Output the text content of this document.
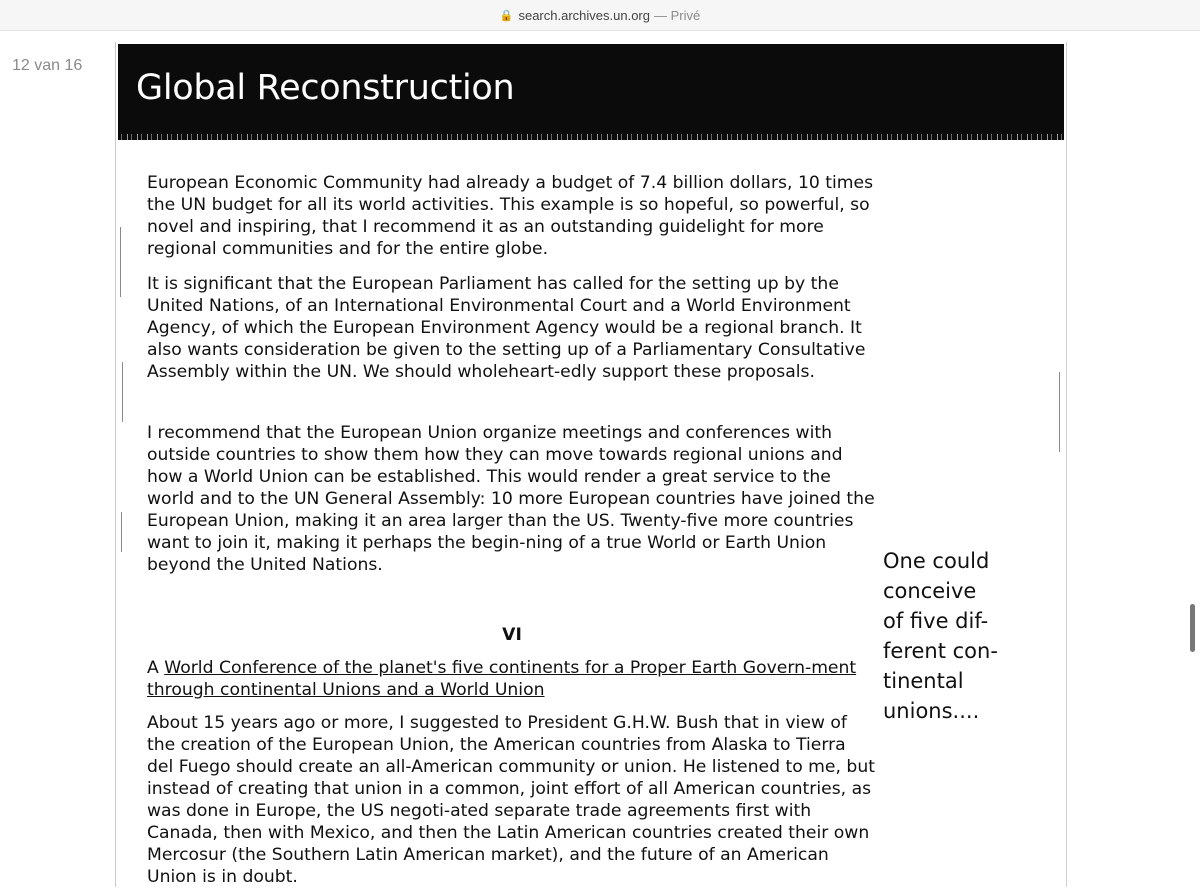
🔒 search.archives.un.org — Privé
12 van 16
Global Reconstruction

European Economic Community had already a budget of 7.4 billion dollars, 10 times the UN budget for all its world activities. This example is so hopeful, so powerful, so novel and inspiring, that I recommend it as an outstanding guidelight for more regional communities and for the entire globe.

It is significant that the European Parliament has called for the setting up by the United Nations, of an International Environmental Court and a World Environment Agency, of which the European Environment Agency would be a regional branch. It also wants consideration be given to the setting up of a Parliamentary Consultative Assembly within the UN. We should wholeheart-edly support these proposals.

I recommend that the European Union organize meetings and conferences with outside countries to show them how they can move towards regional unions and how a World Union can be established. This would render a great service to the world and to the UN General Assembly: 10 more European countries have joined the European Union, making it an area larger than the US. Twenty-five more countries want to join it, making it perhaps the begin-ning of a true World or Earth Union beyond the United Nations.

VI
A World Conference of the planet's five continents for a Proper Earth Govern-ment through continental Unions and a World Union

About 15 years ago or more, I suggested to President G.H.W. Bush that in view of the creation of the European Union, the American countries from Alaska to Tierra del Fuego should create an all-American community or union. He listened to me, but instead of creating that union in a common, joint effort of all American countries, as was done in Europe, the US negoti-ated separate trade agreements first with Canada, then with Mexico, and then the Latin American countries created their own Mercosur (the Southern Latin American market), and the future of an American Union is in doubt.

One could
conceive
of five dif-
ferent con-
tinental
unions....
